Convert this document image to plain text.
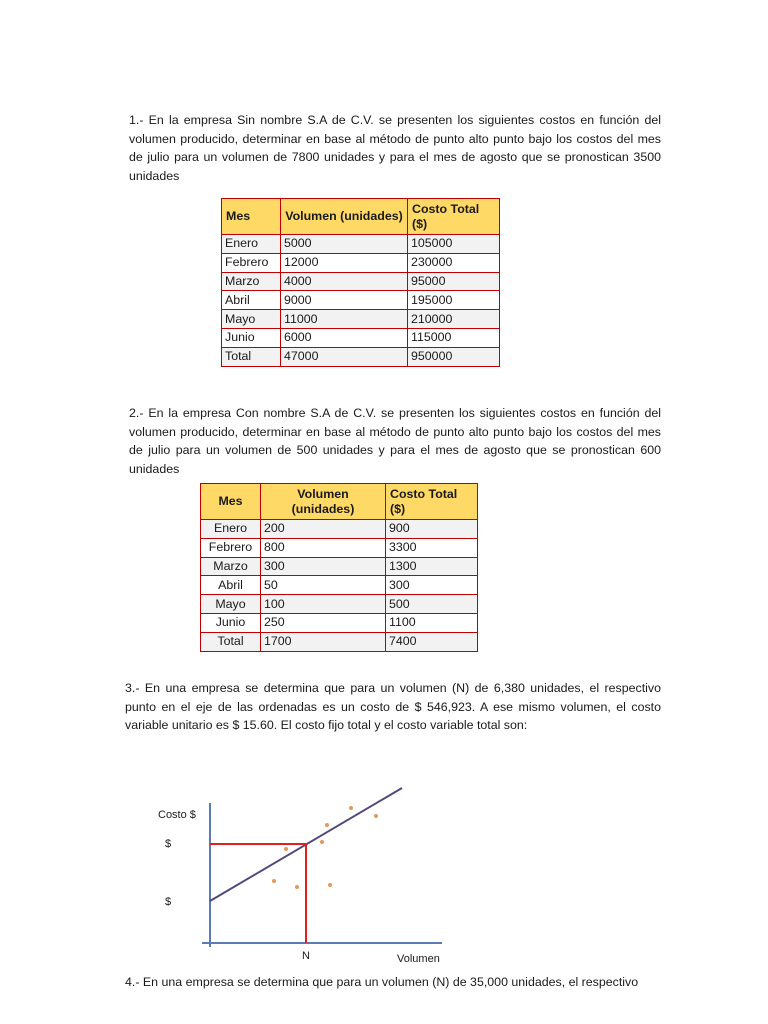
1.- En la empresa Sin nombre S.A de C.V. se presenten los siguientes costos en función del volumen producido, determinar en base al método de punto alto punto bajo los costos del mes de julio para un volumen de 7800 unidades y para el mes de agosto que se pronostican 3500 unidades
Mes	Volumen (unidades)	Costo Total ($)
Enero	5000	105000
Febrero	12000	230000
Marzo	4000	95000
Abril	9000	195000
Mayo	11000	210000
Junio	6000	115000
Total	47000	950000
2.- En la empresa Con nombre S.A de C.V. se presenten los siguientes costos en función del volumen producido, determinar en base al método de punto alto punto bajo los costos del mes de julio para un volumen de 500 unidades y para el mes de agosto que se pronostican 600 unidades
Mes	Volumen (unidades)	Costo Total ($)
Enero	200	900
Febrero	800	3300
Marzo	300	1300
Abril	50	300
Mayo	100	500
Junio	250	1100
Total	1700	7400
3.- En una empresa se determina que para un volumen (N) de 6,380 unidades, el respectivo punto en el eje de las ordenadas es un costo de $ 546,923. A ese mismo volumen, el costo variable unitario es $ 15.60. El costo fijo total y el costo variable total son:
Costo $
$
$
N	Volumen
4.- En una empresa se determina que para un volumen (N) de 35,000 unidades, el respectivo
